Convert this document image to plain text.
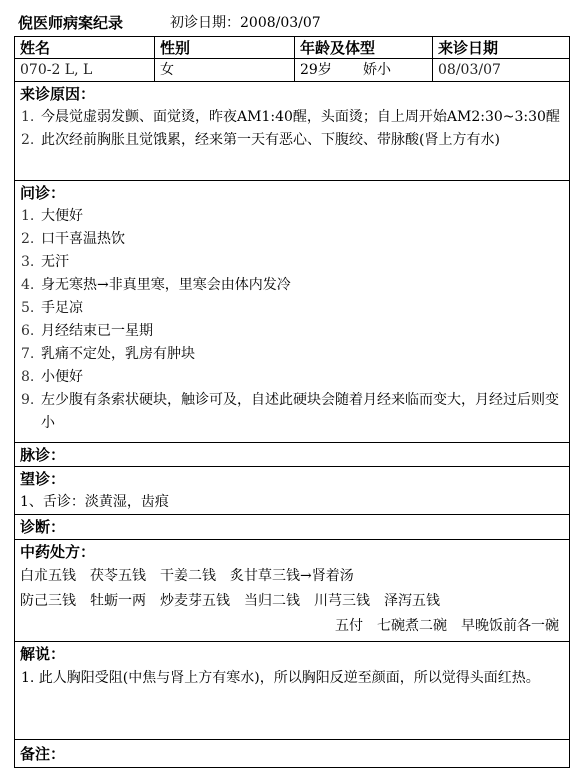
倪医师病案纪录	初诊日期：2008/03/07
姓名	性别	年龄及体型	来诊日期
070-2 L, L	女	29岁 娇小	08/03/07
来诊原因：
1. 今晨觉虚弱发颤、面觉烫，昨夜AM1:40醒，头面烫；自上周开始AM2:30~3:30醒
2. 此次经前胸胀且觉饿累，经来第一天有恶心、下腹绞、带脉酸(肾上方有水)
问诊：
1. 大便好
2. 口干喜温热饮
3. 无汗
4. 身无寒热→非真里寒，里寒会由体内发冷
5. 手足凉
6. 月经结束已一星期
7. 乳痛不定处，乳房有肿块
8. 小便好
9. 左少腹有条索状硬块，触诊可及，自述此硬块会随着月经来临而变大，月经过后则变小
脉诊：
望诊：
1、舌诊：淡黄湿，齿痕
诊断：
中药处方：
白朮五钱　茯苓五钱　干姜二钱　炙甘草三钱→肾着汤
防己三钱　牡蛎一两　炒麦芽五钱　当归二钱　川芎三钱　泽泻五钱
五付　七碗煮二碗　早晚饭前各一碗
解说：
1. 此人胸阳受阻(中焦与肾上方有寒水)，所以胸阳反逆至颜面，所以觉得头面红热。
备注：
